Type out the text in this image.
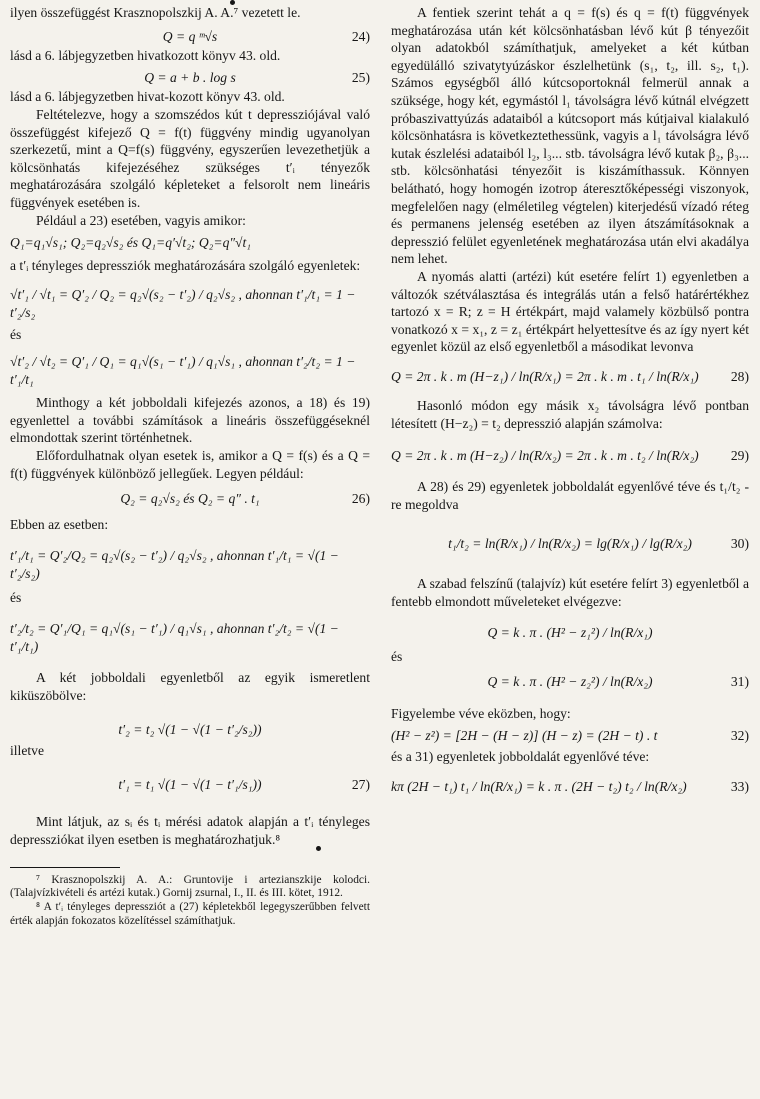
ilyen összefüggést Krasznopolszkij A. A.⁷ vezetett le.

Q = q ᵐ√s	24)

lásd a 6. lábjegyzetben hivatkozott könyv 43. old.

Q = a + b . log s	25)

lásd a 6. lábjegyzetben hivat-kozott könyv 43. old.

Feltételezve, hogy a szomszédos kút t depressziójával való összefüggést kifejező Q = f(t) függvény mindig ugyanolyan szerkezetű, mint a Q=f(s) függvény, egyszerűen levezethetjük a kölcsönhatás kifejezéséhez szükséges t′ᵢ tényezők meghatározására szolgáló képleteket a felsorolt nem lineáris függvények esetében is.

Például a 23) esetében, vagyis amikor:

Q₁=q₁√s₁; Q₂=q₂√s₂ és Q₁=q′√t₂; Q₂=q″√t₁

a t′ᵢ tényleges depressziók meghatározására szolgáló egyenletek:

√t′₁ / √t₁ = Q′₂ / Q₂ = q₂√(s₂ − t′₂) / q₂√s₂ , ahonnan t′₁/t₁ = 1 − t′₂/s₂

és

√t′₂ / √t₂ = Q′₁ / Q₁ = q₁√(s₁ − t′₁) / q₁√s₁ , ahonnan t′₂/t₂ = 1 − t′₁/t₁

Minthogy a két jobboldali kifejezés azonos, a 18) és 19) egyenlettel a további számítások a lineáris összefüggéseknél elmondottak szerint történhetnek.

Előfordulhatnak olyan esetek is, amikor a Q = f(s) és a Q = f(t) függvények különböző jellegűek. Legyen például:

Q₂ = q₂√s₂ és Q₂ = q″ . t₁	26)

Ebben az esetben:

t′₁/t₁ = Q′₂/Q₂ = q₂√(s₂ − t′₂) / q₂√s₂ , ahonnan t′₁/t₁ = √(1 − t′₂/s₂)

és

t′₂/t₂ = Q′₁/Q₁ = q₁√(s₁ − t′₁) / q₁√s₁ , ahonnan t′₂/t₂ = √(1 − t′₁/t₁)

A két jobboldali egyenletből az egyik ismeretlent kiküszöbölve:

t′₂ = t₂ √(1 − √(1 − t′₂/s₂))

illetve

t′₁ = t₁ √(1 − √(1 − t′₁/s₁))	27)

Mint látjuk, az sᵢ és tᵢ mérési adatok alapján a t′ᵢ tényleges depressziókat ilyen esetben is meghatározhatjuk.⁸

⁷ Krasznopolszkij A. A.: Gruntovije i artezianszkije kolodci. (Talajvízkivételi és artézi kutak.) Gornij zsurnal, I., II. és III. kötet, 1912.

⁸ A t′ᵢ tényleges depressziót a (27) képletekből legegyszerűbben felvett érték alapján fokozatos közelítéssel számíthatjuk.

A fentiek szerint tehát a q = f(s) és q = f(t) függvények meghatározása után két kölcsönhatásban lévő kút β tényezőit olyan adatokból számíthatjuk, amelyeket a két kútban egyedülálló szivatytyúzáskor észlelhetünk (s₁, t₂, ill. s₂, t₁). Számos egységből álló kútcsoportoknál felmerül annak a szüksége, hogy két, egymástól l₁ távolságra lévő kútnál elvégzett próbaszivattyúzás adataiból a kútcsoport más kútjaival kialakuló kölcsönhatásra is következtethessünk, vagyis a l₁ távolságra lévő kutak észlelési adataiból l₂, l₃... stb. távolságra lévő kutak β₂, β₃... stb. kölcsönhatási tényezőit is kiszámíthassuk. Könnyen belátható, hogy homogén izotrop áteresztőképességi viszonyok, megfelelően nagy (elméletileg végtelen) kiterjedésű vízadó réteg és permanens jelenség esetében az ilyen átszámításoknak a depresszió felület egyenletének meghatározása után elvi akadálya nem lehet.

A nyomás alatti (artézi) kút esetére felírt 1) egyenletben a változók szétválasztása és integrálás után a felső határértékhez tartozó x = R; z = H értékpárt, majd valamely közbülső pontra vonatkozó x = x₁, z = z₁ értékpárt helyettesítve és az így nyert két egyenlet közül az első egyenletből a másodikat levonva

Q = 2π . k . m (H−z₁) / ln(R/x₁) = 2π . k . m . t₁ / ln(R/x₁) 28)

Hasonló módon egy másik x₂ távolságra lévő pontban létesített (H−z₂) = t₂ depresszió alapján számolva:

Q = 2π . k . m (H−z₂) / ln(R/x₂) = 2π . k . m . t₂ / ln(R/x₂) 29)

A 28) és 29) egyenletek jobboldalát egyenlővé téve és t₁/t₂ -re megoldva

t₁/t₂ = ln(R/x₁) / ln(R/x₂) = lg(R/x₁) / lg(R/x₂)	30)

A szabad felszínű (talajvíz) kút esetére felírt 3) egyenletből a fentebb elmondott műveleteket elvégezve:

Q = k . π . (H² − z₁²) / ln(R/x₁)

és

Q = k . π . (H² − z₂²) / ln(R/x₂)	31)

Figyelembe véve eközben, hogy:

(H² − z²) = [2H − (H − z)] (H − z) = (2H − t) . t	32)

és a 31) egyenletek jobboldalát egyenlővé téve:

kπ (2H − t₁) t₁ / ln(R/x₁) = k . π . (2H − t₂) t₂ / ln(R/x₂)	33)
